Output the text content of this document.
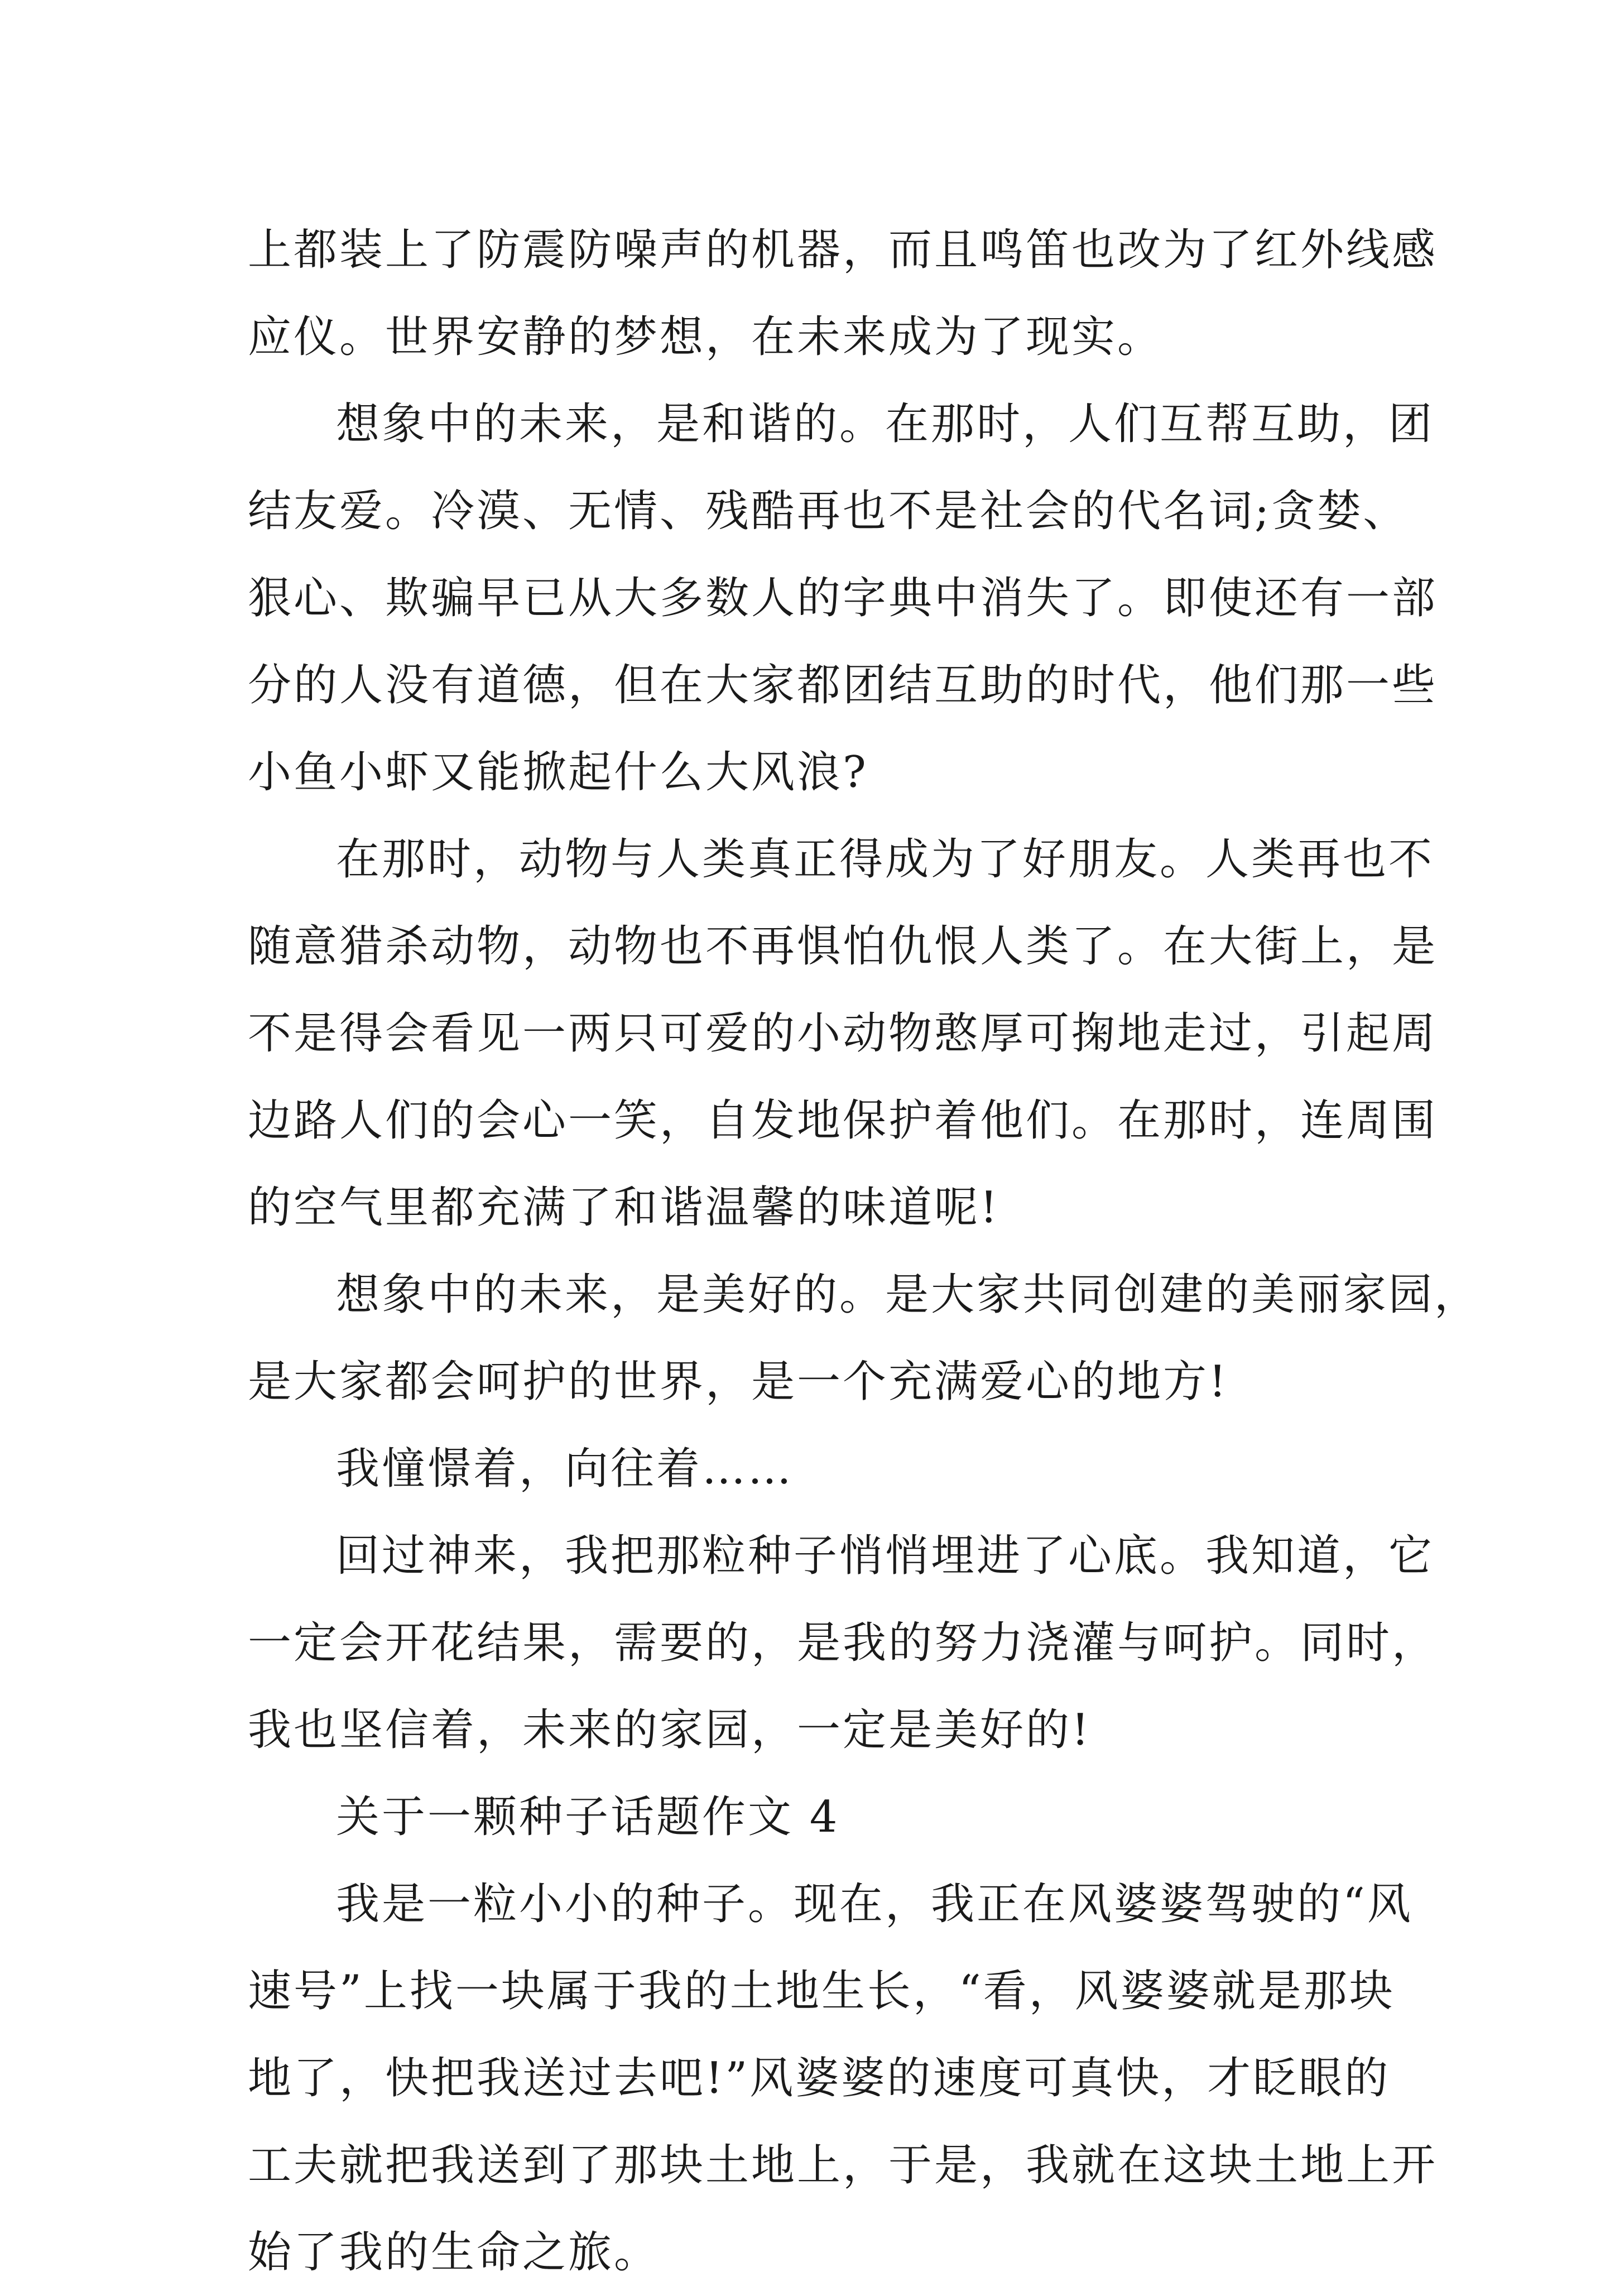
上都装上了防震防噪声的机器，而且鸣笛也改为了红外线感
应仪。世界安静的梦想，在未来成为了现实。
想象中的未来，是和谐的。在那时，人们互帮互助，团
结友爱。冷漠、无情、残酷再也不是社会的代名词;贪婪、
狠心、欺骗早已从大多数人的字典中消失了。即使还有一部
分的人没有道德，但在大家都团结互助的时代，他们那一些
小鱼小虾又能掀起什么大风浪?
在那时，动物与人类真正得成为了好朋友。人类再也不
随意猎杀动物，动物也不再惧怕仇恨人类了。在大街上，是
不是得会看见一两只可爱的小动物憨厚可掬地走过，引起周
边路人们的会心一笑，自发地保护着他们。在那时，连周围
的空气里都充满了和谐温馨的味道呢!
想象中的未来，是美好的。是大家共同创建的美丽家园，
是大家都会呵护的世界，是一个充满爱心的地方!
我憧憬着，向往着……
回过神来，我把那粒种子悄悄埋进了心底。我知道，它
一定会开花结果，需要的，是我的努力浇灌与呵护。同时，
我也坚信着，未来的家园，一定是美好的!
关于一颗种子话题作文 4
我是一粒小小的种子。现在，我正在风婆婆驾驶的“风
速号”上找一块属于我的土地生长，“看，风婆婆就是那块
地了，快把我送过去吧!”风婆婆的速度可真快，才眨眼的
工夫就把我送到了那块土地上，于是，我就在这块土地上开
始了我的生命之旅。
